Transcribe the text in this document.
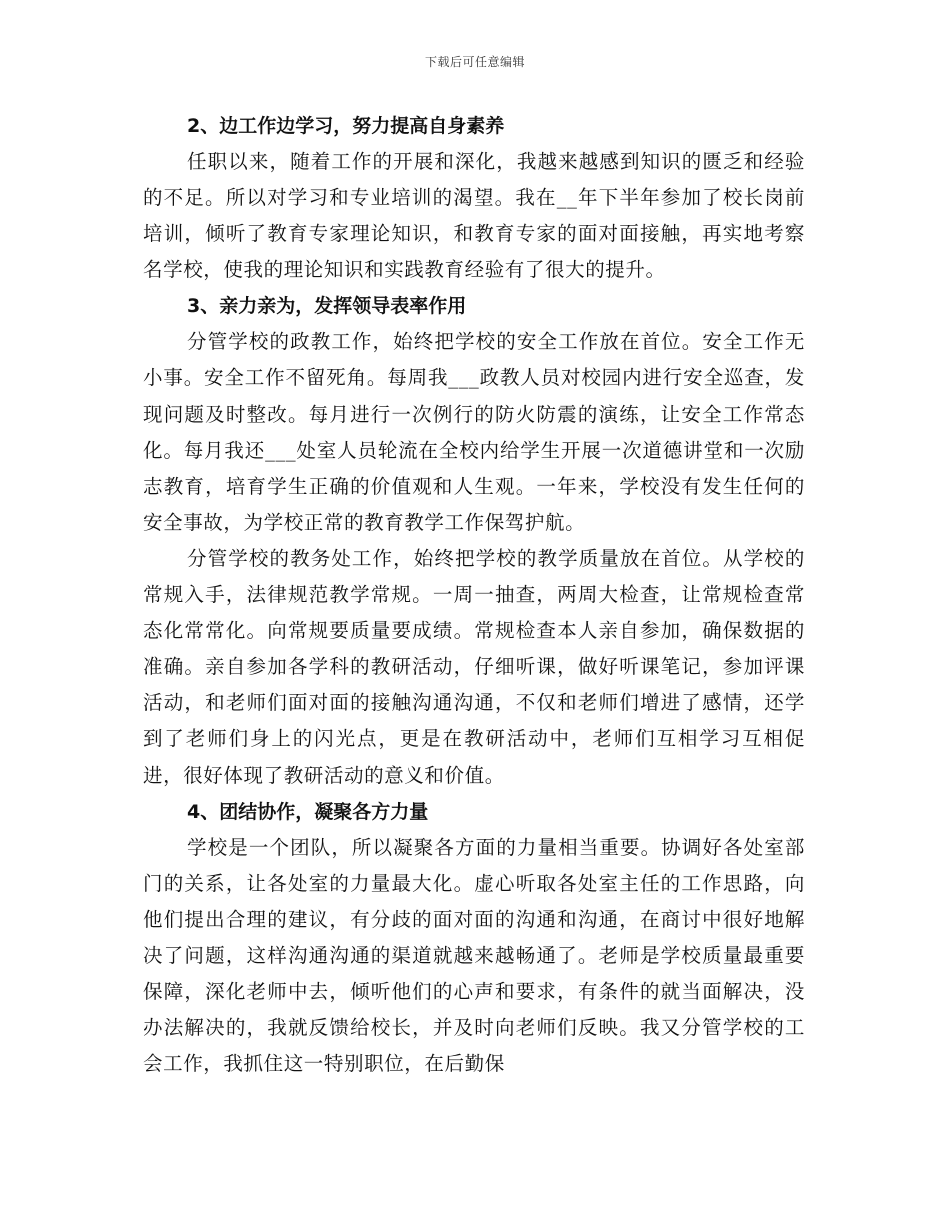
下载后可任意编辑

2、边工作边学习，努力提高自身素养

任职以来，随着工作的开展和深化，我越来越感到知识的匮乏和经验的不足。所以对学习和专业培训的渴望。我在__年下半年参加了校长岗前培训，倾听了教育专家理论知识，和教育专家的面对面接触，再实地考察名学校，使我的理论知识和实践教育经验有了很大的提升。

3、亲力亲为，发挥领导表率作用

分管学校的政教工作，始终把学校的安全工作放在首位。安全工作无小事。安全工作不留死角。每周我___政教人员对校园内进行安全巡查，发现问题及时整改。每月进行一次例行的防火防震的演练，让安全工作常态化。每月我还___处室人员轮流在全校内给学生开展一次道德讲堂和一次励志教育，培育学生正确的价值观和人生观。一年来，学校没有发生任何的安全事故，为学校正常的教育教学工作保驾护航。

分管学校的教务处工作，始终把学校的教学质量放在首位。从学校的常规入手，法律规范教学常规。一周一抽查，两周大检查，让常规检查常态化常常化。向常规要质量要成绩。常规检查本人亲自参加，确保数据的准确。亲自参加各学科的教研活动，仔细听课，做好听课笔记，参加评课活动，和老师们面对面的接触沟通沟通，不仅和老师们增进了感情，还学到了老师们身上的闪光点，更是在教研活动中，老师们互相学习互相促进，很好体现了教研活动的意义和价值。

4、团结协作，凝聚各方力量

学校是一个团队，所以凝聚各方面的力量相当重要。协调好各处室部门的关系，让各处室的力量最大化。虚心听取各处室主任的工作思路，向他们提出合理的建议，有分歧的面对面的沟通和沟通，在商讨中很好地解决了问题，这样沟通沟通的渠道就越来越畅通了。老师是学校质量最重要保障，深化老师中去，倾听他们的心声和要求，有条件的就当面解决，没办法解决的，我就反馈给校长，并及时向老师们反映。我又分管学校的工会工作，我抓住这一特别职位，在后勤保
